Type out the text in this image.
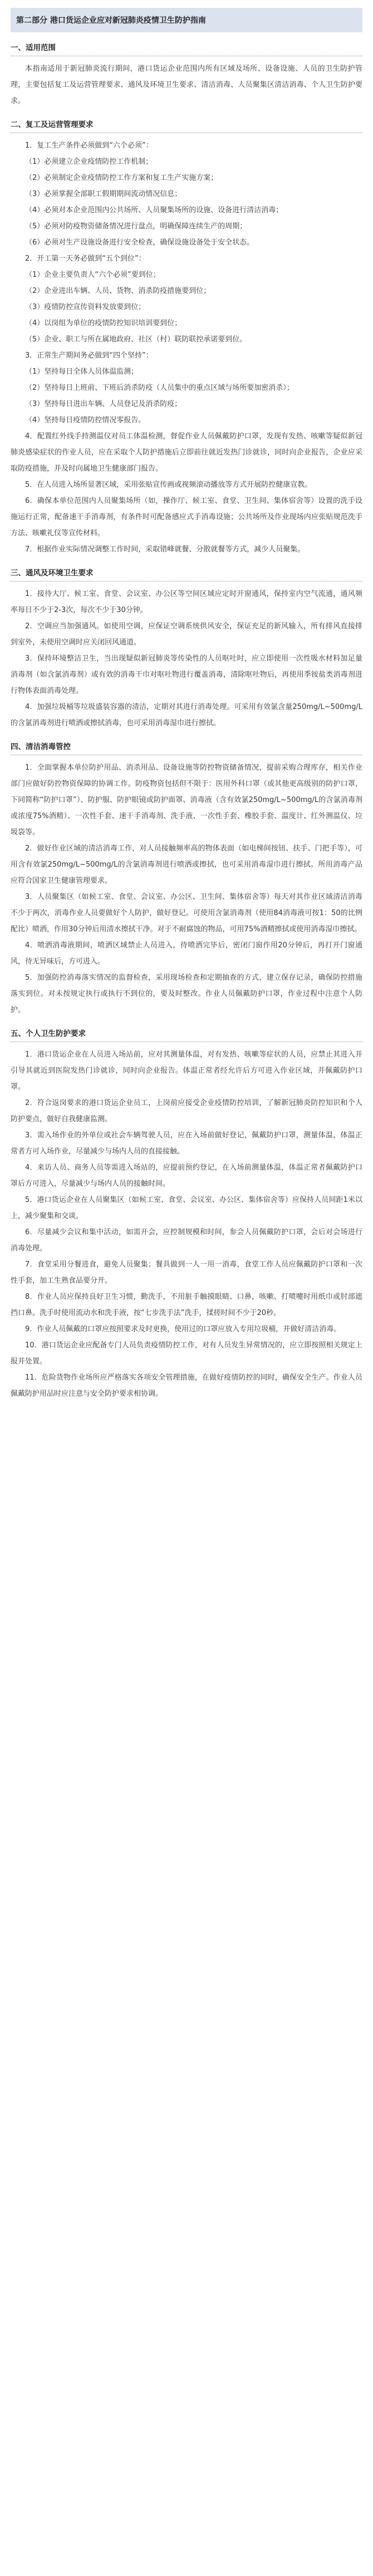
第二部分 港口货运企业应对新冠肺炎疫情卫生防护指南
一、适用范围

本指南适用于新冠肺炎流行期间，港口货运企业范围内所有区域及场所、设备设施、人员的卫生防护管理，主要包括复工及运营管理要求、通风及环境卫生要求、清洁消毒、人员聚集区清洁消毒、个人卫生防护要求。

二、复工及运营管理要求

1．复工生产条件必须做到“六个必须”：

（1）必须建立企业疫情防控工作机制；

（2）必须制定企业疫情防控工作方案和复工生产实施方案；

（3）必须掌握全部职工假期期间流动情况信息；

（4）必须对本企业范围内公共场所、人员聚集场所的设施、设备进行清洁消毒；

（5）必须对防疫物资储备情况进行盘点，明确保障连续生产的周期；

（6）必须对生产设施设备进行安全检查，确保设施设备处于安全状态。

2．开工第一天务必做到“五个到位”：

（1）企业主要负责人“六个必须”要到位；

（2）企业进出车辆、人员、货物、消杀防疫措施要到位；

（3）疫情防控宣传资料发放要到位；

（4）以岗组为单位的疫情防控知识培训要到位；

（5）企业、职工与所在属地政府、社区（村）联防联控承诺要到位。

3．正常生产期间务必做到“四个坚持”：

（1）坚持每日全体人员体温监测；

（2）坚持每日上班前、下班后消杀防疫（人员集中的重点区域与场所要加密消杀）；

（3）坚持每日进出车辆、人员登记及消杀防疫；

（4）坚持每日疫情防控情况零报告。

4．配置红外线手持测温仪对员工体温检测，督促作业人员佩戴防护口罩，发现有发热、咳嗽等疑似新冠肺炎感染症状的作业人员，应在采取个人防护措施后立即前往就近发热门诊就诊，同时向企业报告，企业应采取防疫措施，并及时向属地卫生健康部门报告。

5．在人员进入场所显著区域，采用张贴宣传画或视频滚动播放等方式开展防控健康宣教。

6．确保本单位范围内人员聚集场所（如，操作厅、候工室、食堂、卫生间、集体宿舍等）设置的洗手设施运行正常，配备速干手消毒剂，有条件时可配备感应式手消毒设施；公共场所及作业现场内应张贴规范洗手方法、咳嗽礼仪等宣传材料。

7．根据作业实际情况调整工作时间，采取错峰就餐、分散就餐等方式，减少人员聚集。

三、通风及环境卫生要求

1．接待大厅、候工室、食堂、会议室、办公区等空间区域应定时开窗通风，保持室内空气流通，通风频率每日不少于2-3次，每次不少于30分钟。

2．空调应当加强通风。如使用空调，应保证空调系统供风安全，保证充足的新风输入，所有排风直接排到室外，未使用空调时应关闭回风通道。

3．保持环境整洁卫生，当出现疑似新冠肺炎等传染性的人员呕吐时，应立即使用一次性吸水材料加足量消毒剂（如含氯消毒剂）或有效的消毒干巾对呕吐物进行覆盖消毒，清除呕吐物后，再使用季铵盐类消毒剂进行物体表面消毒处理。

4．加强垃圾桶等垃圾盛装容器的清洁，定期对其进行消毒处理。可采用有效氯含量250mg/L~500mg/L的含氯消毒剂进行喷洒或擦拭消毒，也可采用消毒湿巾进行擦拭。

四、清洁消毒管控

1．全面掌握本单位防护用品、消杀用品、设备设施等防控物资储备情况，提前采购合理库存，相关作业部门应做好防控物资保障的协调工作。防疫物资包括但不限于：医用外科口罩（或其他更高级别的防护口罩，下同简称“防护口罩”）、防护服、防护眼镜或防护面罩、消毒液（含有效氯250mg/L~500mg/L的含氯消毒剂或浓度75%酒精）、一次性手套、速干手消毒剂、洗手液、一次性手套、橡胶手套、温度计、红外测温仪、垃圾袋等。

2．做好作业区域的清洁消毒工作，对人员接触频率高的物体表面（如电梯间按钮、扶手、门把手等），可用含有效氯250mg/L~500mg/L的含氯消毒剂进行喷洒或擦拭，也可采用消毒湿巾进行擦拭。所用消毒产品应符合国家卫生健康管理要求。

3．人员聚集区（如候工室、食堂、会议室、办公区、卫生间、集体宿舍等）每天对其作业区域清洁消毒不少于两次，消毒作业人员要做好个人防护，做好登记。可使用含氯消毒剂（使用84消毒液可按1：50的比例配比）喷洒，作用30分钟后用清水擦拭干净。对于不耐腐蚀的物品，可用75%酒精擦拭或使用消毒湿巾擦拭。

4．喷洒消毒液期间，喷洒区域禁止人员进入，待喷洒完毕后，密闭门窗作用20分钟后，再打开门窗通风，待无异味后，方可进入。

5．加强防控消毒落实情况的监督检查，采用现场检查和定期抽查的方式，建立保存记录，确保防控措施落实到位。对未按规定执行或执行不到位的，要及时整改。作业人员佩戴防护口罩，作业过程中注意个人防护。

五、个人卫生防护要求

1．港口货运企业在人员进入场站前，应对其测量体温，对有发热、咳嗽等症状的人员，应禁止其进入并引导其就近到医院发热门诊就诊，同时向企业报告。体温正常者经允许后方可进入作业区域，并佩戴防护口罩。

2．符合返岗要求的港口货运企业员工，上岗前应接受企业疫情防控培训，了解新冠肺炎防控知识和个人防护要点，做好自我健康监测。

3．需入场作业的外单位或社会车辆驾驶人员，应在入场前做好登记，佩戴防护口罩，测量体温，体温正常者方可入场作业，尽量减少与场内人员的直接接触。

4．来访人员、商务人员等需进入场站的，应提前预约登记，在入场前测量体温，体温正常者佩戴防护口罩后方可进入，尽量减少与场内人员的接触时间。

5．港口货运企业在人员聚集区（如候工室、食堂、会议室、办公区、集体宿舍等）应保持人员间距1米以上，减少聚集和交谈。

6．尽量减少会议和集中活动，如需开会，应控制规模和时间，参会人员佩戴防护口罩，会后对会场进行消毒处理。

7．食堂采用分餐进食，避免人员聚集；餐具做到一人一用一消毒，食堂工作人员应佩戴防护口罩和一次性手套，加工生熟食品要分开。

8．作业人员应保持良好卫生习惯，勤洗手，不用脏手触摸眼睛、口鼻，咳嗽、打喷嚏时用纸巾或肘部遮挡口鼻。洗手时使用流动水和洗手液，按“七步洗手法”洗手，揉搓时间不少于20秒。

9．作业人员佩戴的口罩应按照要求及时更换，使用过的口罩应放入专用垃圾桶，并做好清洁消毒。

10．港口货运企业应配备专门人员负责疫情防控工作，对有人员发生异常情况的，应立即按照相关规定上报并处置。

11．危险货物作业场所应严格落实各项安全管理措施，在做好疫情防控的同时，确保安全生产。作业人员佩戴防护用品时应注意与安全防护要求相协调。
